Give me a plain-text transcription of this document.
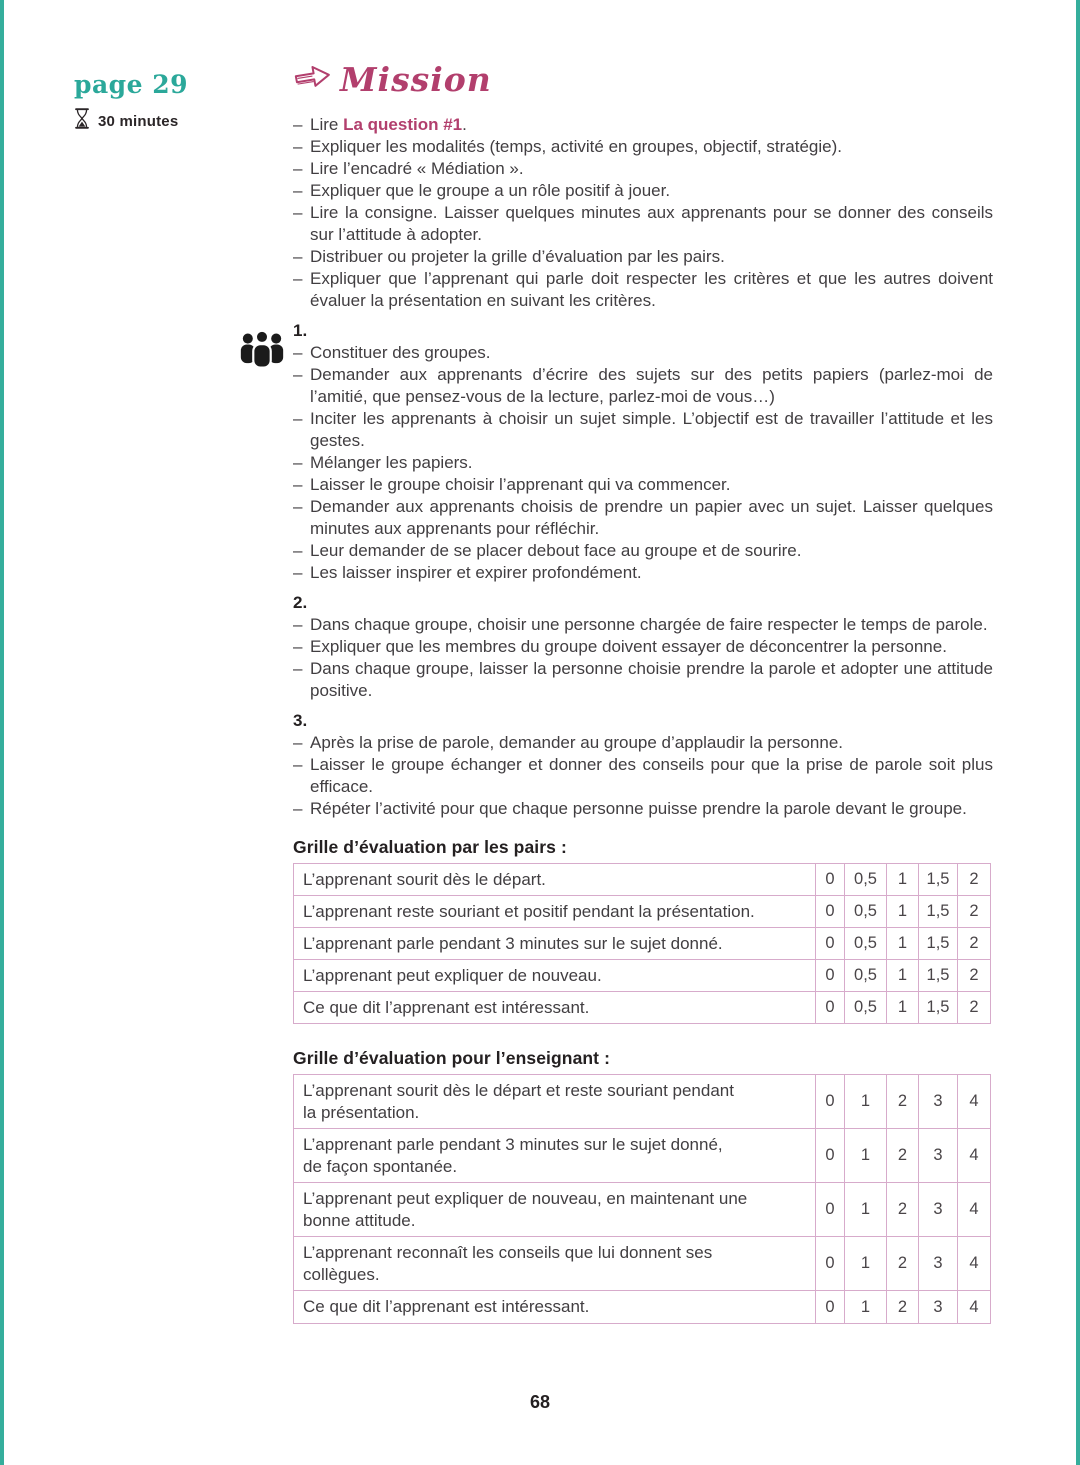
page 29
30 minutes
Mission
– Lire La question #1.
– Expliquer les modalités (temps, activité en groupes, objectif, stratégie).
– Lire l’encadré « Médiation ».
– Expliquer que le groupe a un rôle positif à jouer.
– Lire la consigne. Laisser quelques minutes aux apprenants pour se donner des conseils sur l’attitude à adopter.
– Distribuer ou projeter la grille d’évaluation par les pairs.
– Expliquer que l’apprenant qui parle doit respecter les critères et que les autres doivent évaluer la présentation en suivant les critères.
1.
– Constituer des groupes.
– Demander aux apprenants d’écrire des sujets sur des petits papiers (parlez-moi de l’amitié, que pensez-vous de la lecture, parlez-moi de vous…)
– Inciter les apprenants à choisir un sujet simple. L’objectif est de travailler l’attitude et les gestes.
– Mélanger les papiers.
– Laisser le groupe choisir l’apprenant qui va commencer.
– Demander aux apprenants choisis de prendre un papier avec un sujet. Laisser quelques minutes aux apprenants pour réfléchir.
– Leur demander de se placer debout face au groupe et de sourire.
– Les laisser inspirer et expirer profondément.
2.
– Dans chaque groupe, choisir une personne chargée de faire respecter le temps de parole.
– Expliquer que les membres du groupe doivent essayer de déconcentrer la personne.
– Dans chaque groupe, laisser la personne choisie prendre la parole et adopter une attitude positive.
3.
– Après la prise de parole, demander au groupe d’applaudir la personne.
– Laisser le groupe échanger et donner des conseils pour que la prise de parole soit plus efficace.
– Répéter l’activité pour que chaque personne puisse prendre la parole devant le groupe.
Grille d’évaluation par les pairs :
L’apprenant sourit dès le départ.	0	0,5	1	1,5	2
L’apprenant reste souriant et positif pendant la présentation.	0	0,5	1	1,5	2
L’apprenant parle pendant 3 minutes sur le sujet donné.	0	0,5	1	1,5	2
L’apprenant peut expliquer de nouveau.	0	0,5	1	1,5	2
Ce que dit l’apprenant est intéressant.	0	0,5	1	1,5	2
Grille d’évaluation pour l’enseignant :
L’apprenant sourit dès le départ et reste souriant pendant
la présentation.	0	1	2	3	4

L’apprenant parle pendant 3 minutes sur le sujet donné,
de façon spontanée.	0	1	2	3	4

L’apprenant peut expliquer de nouveau, en maintenant une
bonne attitude.	0	1	2	3	4

L’apprenant reconnaît les conseils que lui donnent ses
collègues.	0	1	2	3	4

Ce que dit l’apprenant est intéressant.	0	1	2	3	4
68
